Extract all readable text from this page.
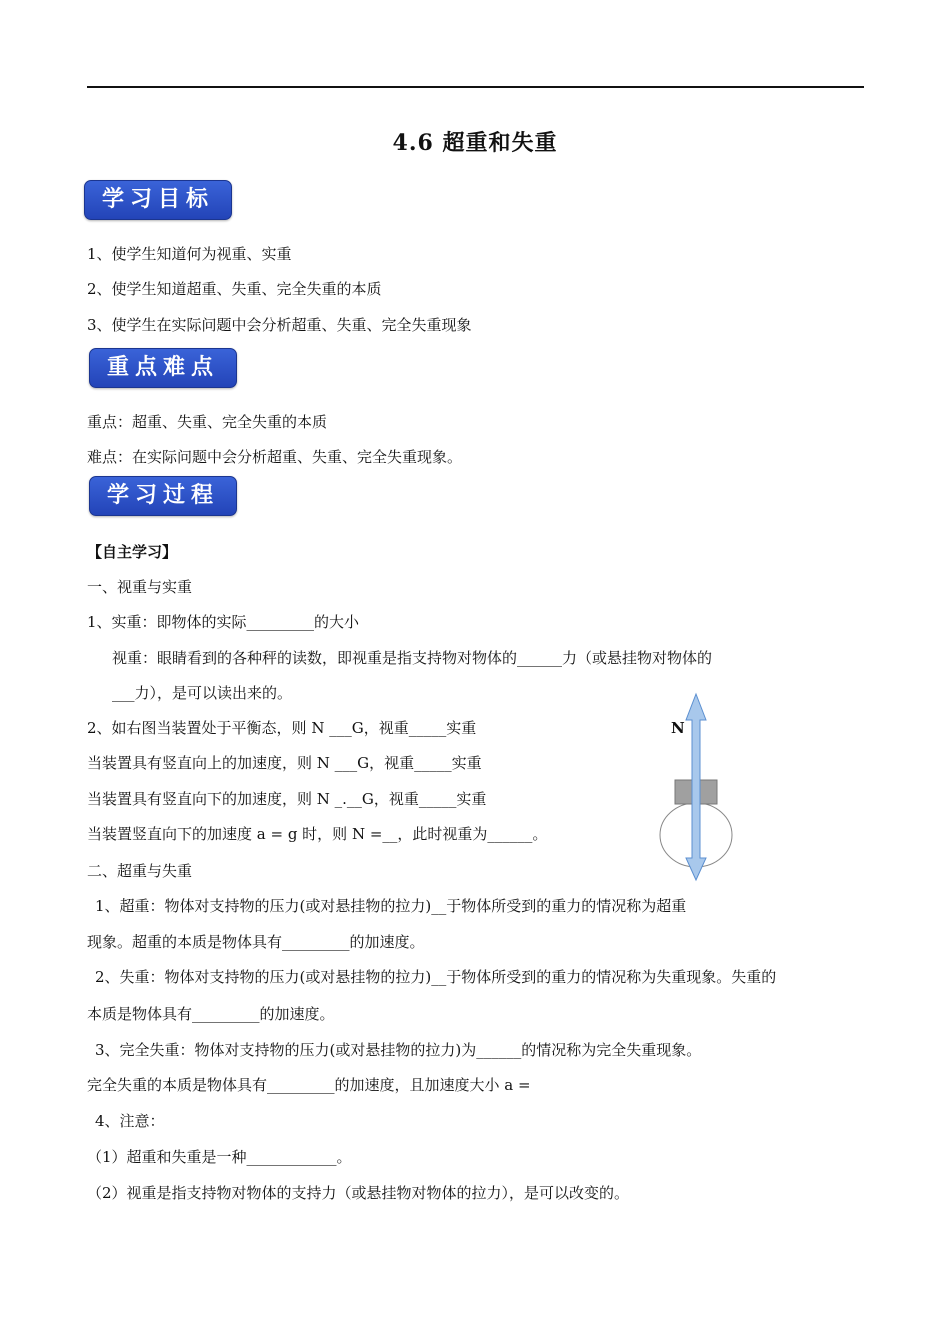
4.6 超重和失重
学习目标
1、使学生知道何为视重、实重
2、使学生知道超重、失重、完全失重的本质
3、使学生在实际问题中会分析超重、失重、完全失重现象
重点难点
重点：超重、失重、完全失重的本质
难点：在实际问题中会分析超重、失重、完全失重现象。
学习过程
【自主学习】
一、视重与实重
1、实重：即物体的实际_________的大小
视重：眼睛看到的各种秤的读数，即视重是指支持物对物体的______力（或悬挂物对物体的
___力），是可以读出来的。
2、如右图当装置处于平衡态，则 N ___G，视重_____实重
当装置具有竖直向上的加速度，则 N ___G，视重_____实重
当装置具有竖直向下的加速度，则 N _.__G，视重_____实重
当装置竖直向下的加速度 a = g 时，则 N =__，此时视重为______。
二、超重与失重
1、超重：物体对支持物的压力(或对悬挂物的拉力)__于物体所受到的重力的情况称为超重
现象。超重的本质是物体具有_________的加速度。
2、失重：物体对支持物的压力(或对悬挂物的拉力)__于物体所受到的重力的情况称为失重现象。失重的
本质是物体具有_________的加速度。
3、完全失重：物体对支持物的压力(或对悬挂物的拉力)为______的情况称为完全失重现象。
完全失重的本质是物体具有_________的加速度，且加速度大小 a =
4、注意：
（1）超重和失重是一种____________。
（2）视重是指支持物对物体的支持力（或悬挂物对物体的拉力），是可以改变的。
N
